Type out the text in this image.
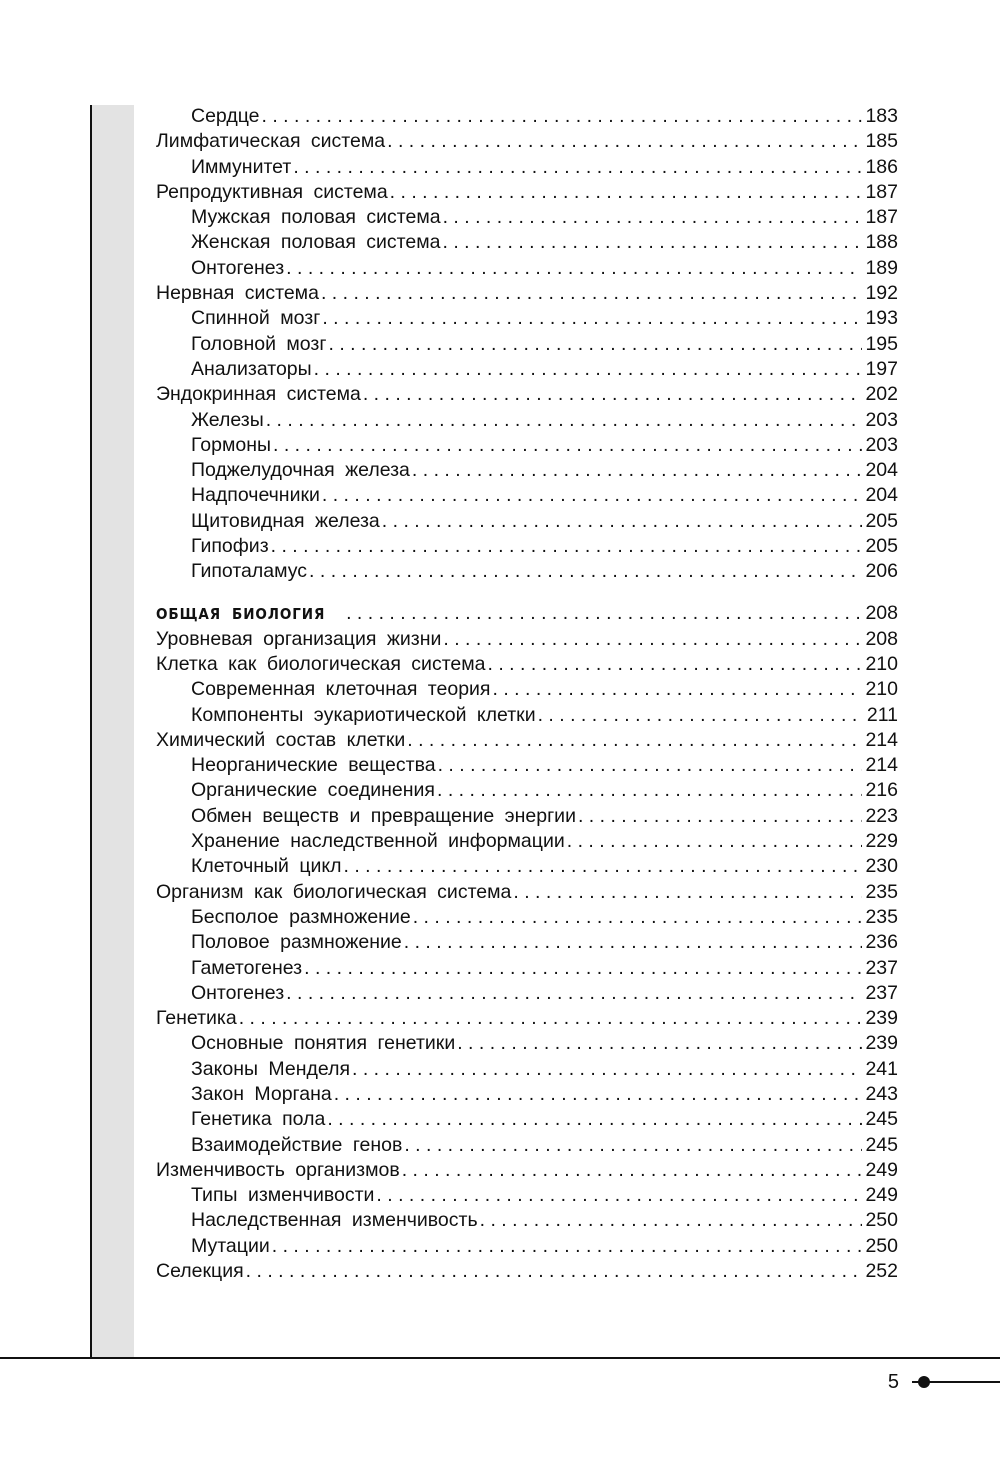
Сердце . . .	183
Лимфатическая система . . .	185
Иммунитет . . .	186
Репродуктивная система . . .	187
Мужская половая система . . .	187
Женская половая система . . .	188
Онтогенез . . .	189
Нервная система . . .	192
Спинной мозг . . .	193
Головной мозг . . .	195
Анализаторы . . .	197
Эндокринная система . . .	202
Железы . . .	203
Гормоны . . .	203
Поджелудочная железа . . .	204
Надпочечники . . .	204
Щитовидная железа . . .	205
Гипофиз . . .	205
Гипоталамус . . .	206
ОБЩАЯ БИОЛОГИЯ . . .	208
Уровневая организация жизни . . .	208
Клетка как биологическая система . . .	210
Современная клеточная теория . . .	210
Компоненты эукариотической клетки . . .	211
Химический состав клетки . . .	214
Неорганические вещества . . .	214
Органические соединения . . .	216
Обмен веществ и превращение энергии . . .	223
Хранение наследственной информации . . .	229
Клеточный цикл . . .	230
Организм как биологическая система . . .	235
Бесполое размножение . . .	235
Половое размножение . . .	236
Гаметогенез . . .	237
Онтогенез . . .	237
Генетика . . .	239
Основные понятия генетики . . .	239
Законы Менделя . . .	241
Закон Моргана . . .	243
Генетика пола . . .	245
Взаимодействие генов . . .	245
Изменчивость организмов . . .	249
Типы изменчивости . . .	249
Наследственная изменчивость . . .	250
Мутации . . .	250
Селекция . . .	252
5
